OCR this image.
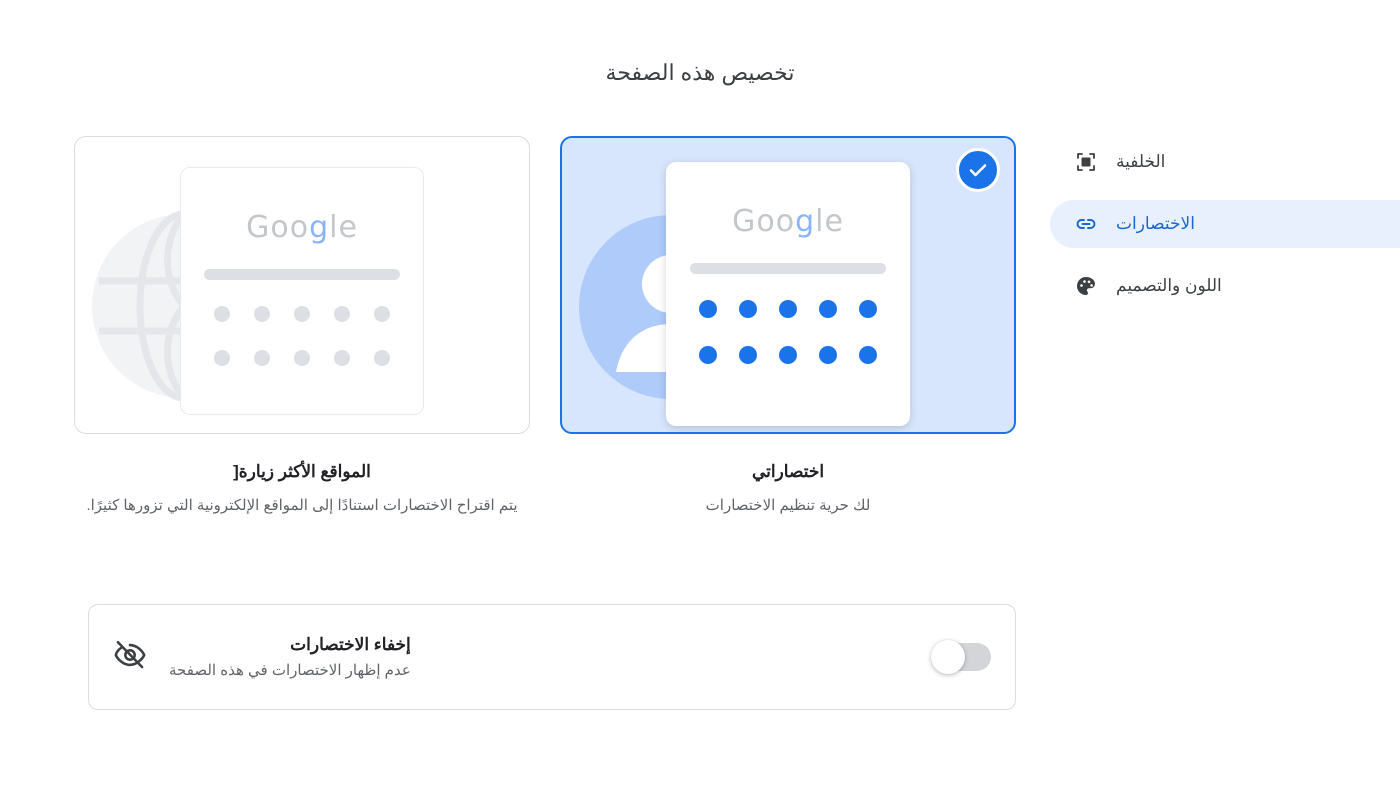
تخصيص هذه الصفحة
Google
اختصاراتي
لك حرية تنظيم الاختصارات
Google
المواقع الأكثر زيارة[
يتم اقتراح الاختصارات استنادًا إلى المواقع الإلكترونية التي تزورها كثيرًا.
إخفاء الاختصارات
عدم إظهار الاختصارات في هذه الصفحة
الخلفية
الاختصارات
اللون والتصميم
